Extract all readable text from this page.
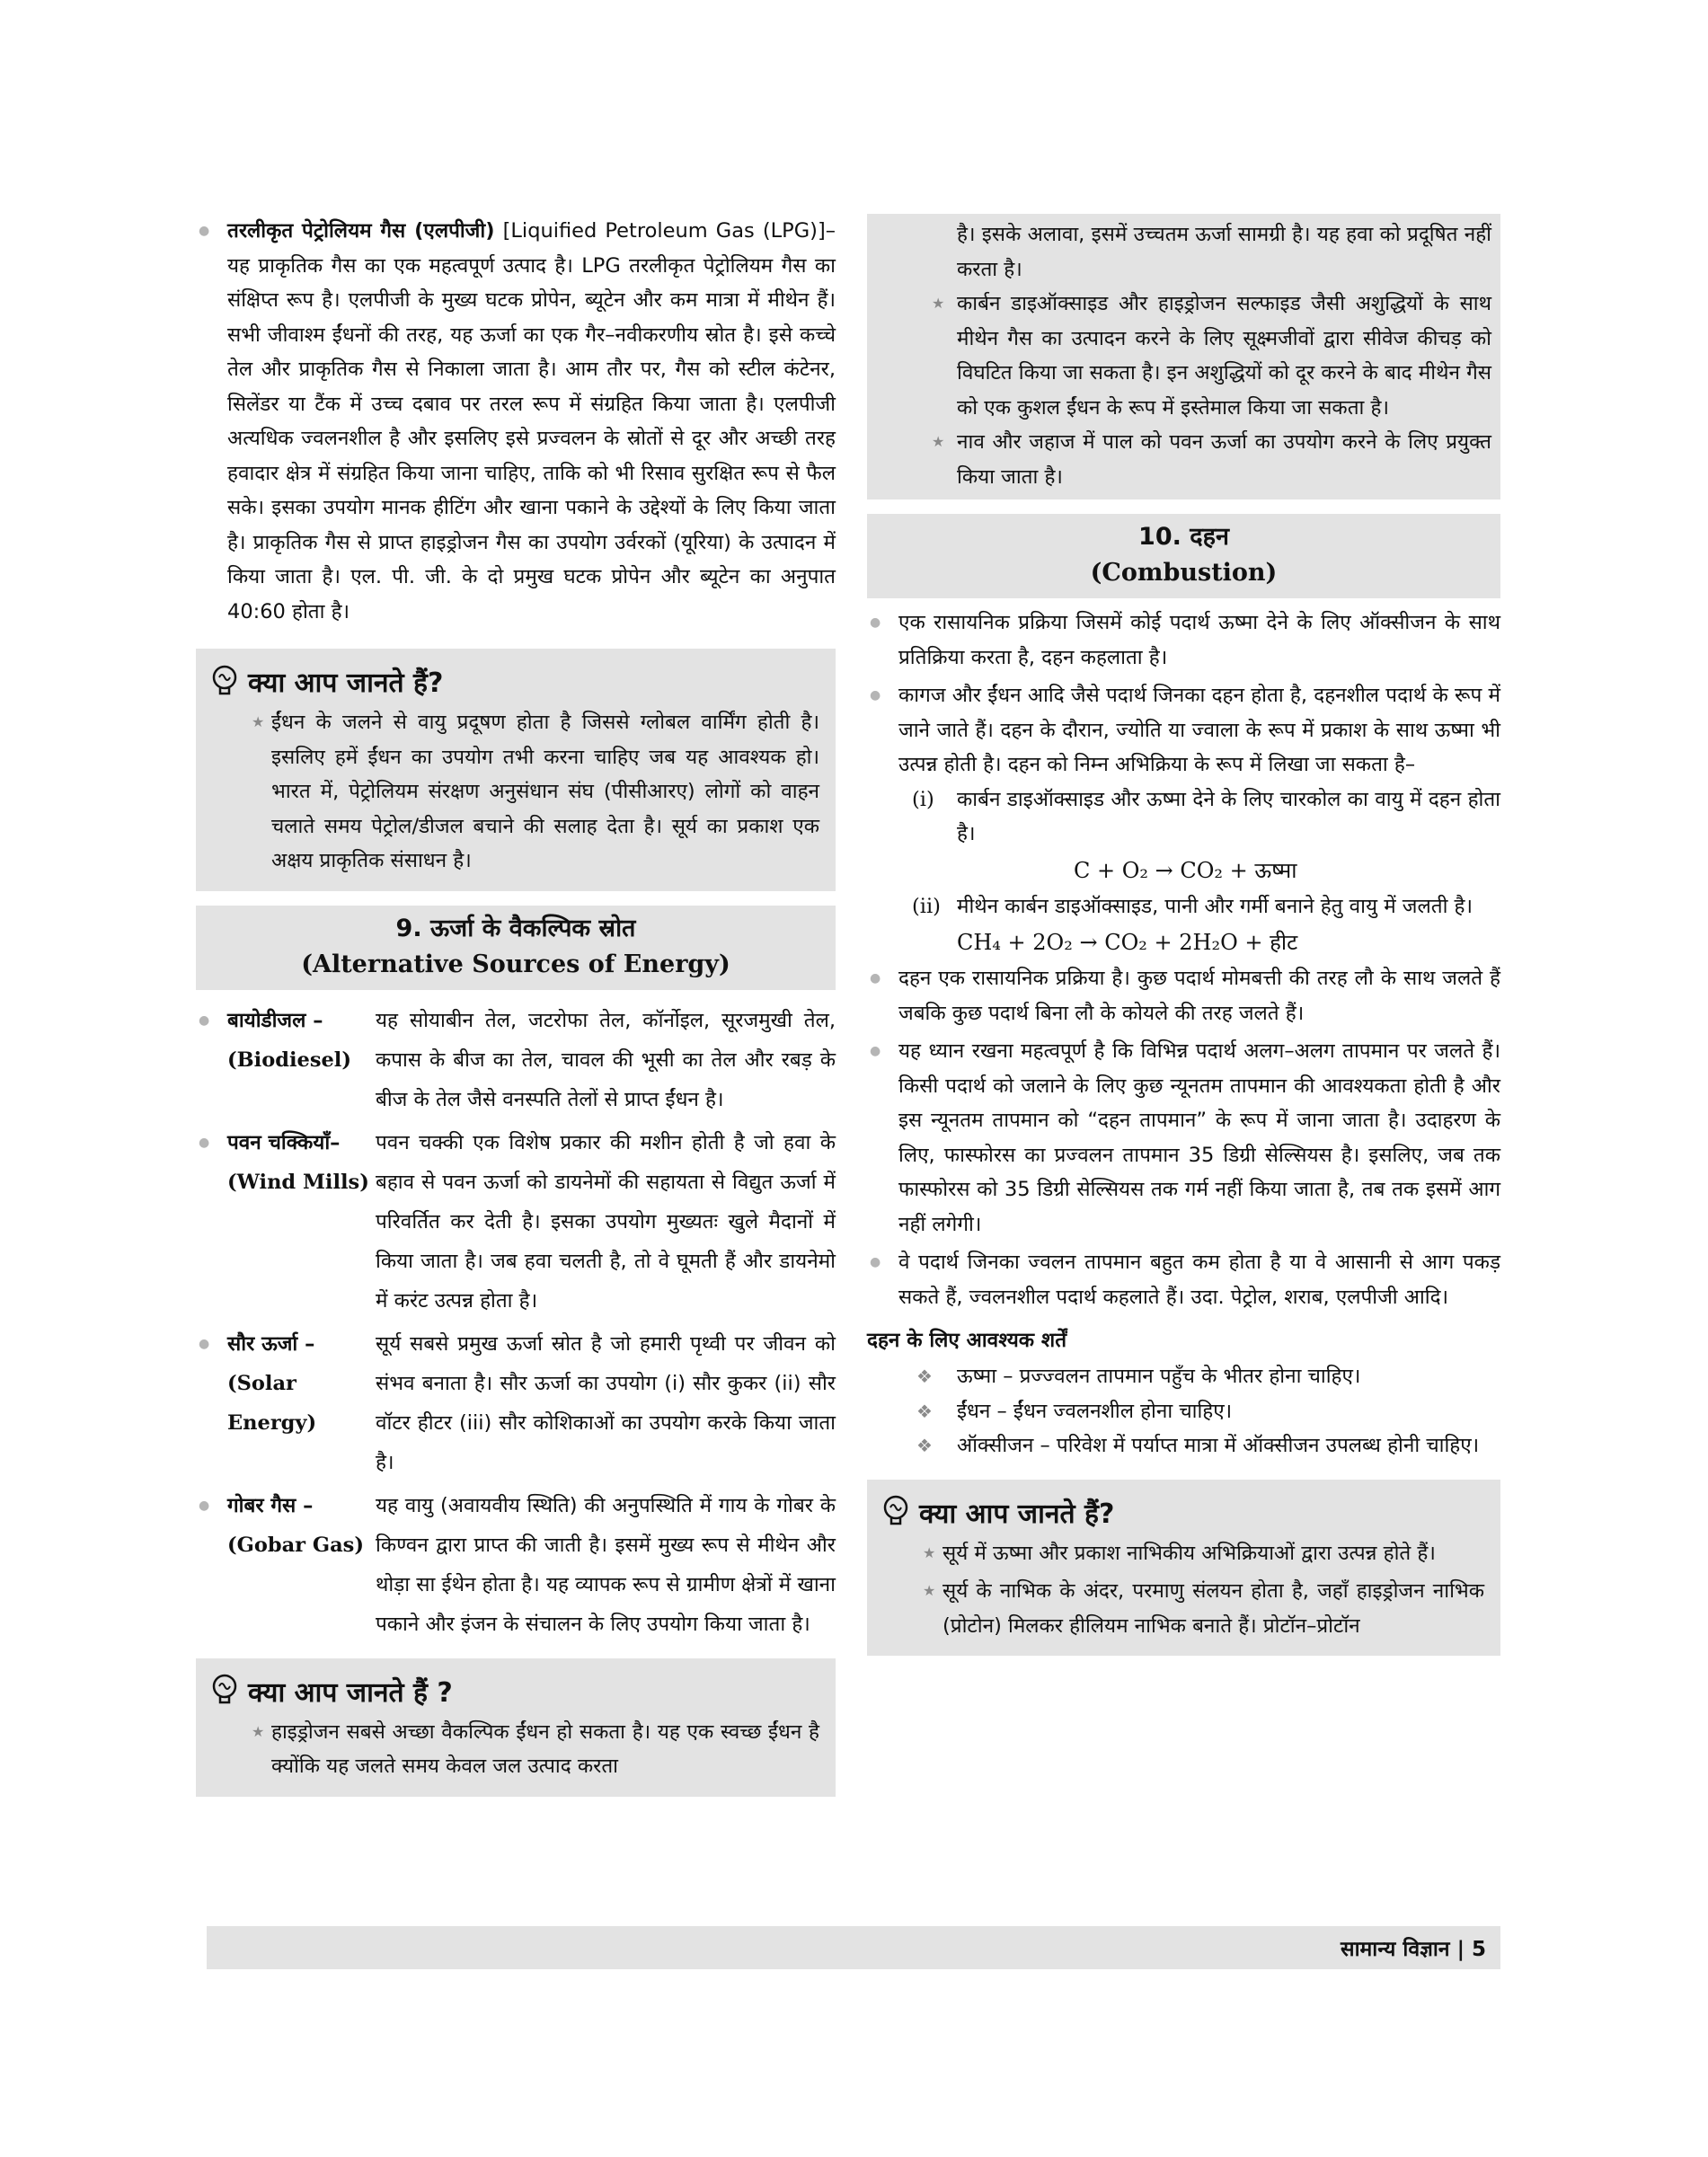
● तरलीकृत पेट्रोलियम गैस (एलपीजी) [Liquified Petroleum Gas (LPG)]– यह प्राकृतिक गैस का एक महत्वपूर्ण उत्पाद है। LPG तरलीकृत पेट्रोलियम गैस का संक्षिप्त रूप है। एलपीजी के मुख्य घटक प्रोपेन, ब्यूटेन और कम मात्रा में मीथेन हैं। सभी जीवाश्म ईंधनों की तरह, यह ऊर्जा का एक गैर–नवीकरणीय स्रोत है। इसे कच्चे तेल और प्राकृतिक गैस से निकाला जाता है। आम तौर पर, गैस को स्टील कंटेनर, सिलेंडर या टैंक में उच्च दबाव पर तरल रूप में संग्रहित किया जाता है। एलपीजी अत्यधिक ज्वलनशील है और इसलिए इसे प्रज्वलन के स्रोतों से दूर और अच्छी तरह हवादार क्षेत्र में संग्रहित किया जाना चाहिए, ताकि को भी रिसाव सुरक्षित रूप से फैल सके। इसका उपयोग मानक हीटिंग और खाना पकाने के उद्देश्यों के लिए किया जाता है। प्राकृतिक गैस से प्राप्त हाइड्रोजन गैस का उपयोग उर्वरकों (यूरिया) के उत्पादन में किया जाता है। एल. पी. जी. के दो प्रमुख घटक प्रोपेन और ब्यूटेन का अनुपात 40:60 होता है।
क्या आप जानते हैं?
★ ईंधन के जलने से वायु प्रदूषण होता है जिससे ग्लोबल वार्मिंग होती है। इसलिए हमें ईंधन का उपयोग तभी करना चाहिए जब यह आवश्यक हो। भारत में, पेट्रोलियम संरक्षण अनुसंधान संघ (पीसीआरए) लोगों को वाहन चलाते समय पेट्रोल/डीजल बचाने की सलाह देता है। सूर्य का प्रकाश एक अक्षय प्राकृतिक संसाधन है।
9. ऊर्जा के वैकल्पिक स्रोत
(Alternative Sources of Energy)
● बायोडीजल –
(Biodiesel)
यह सोयाबीन तेल, जटरोफा तेल, कॉर्नोइल, सूरजमुखी तेल, कपास के बीज का तेल, चावल की भूसी का तेल और रबड़ के बीज के तेल जैसे वनस्पति तेलों से प्राप्त ईंधन है।
● पवन चक्कियाँ–
(Wind Mills)
पवन चक्की एक विशेष प्रकार की मशीन होती है जो हवा के बहाव से पवन ऊर्जा को डायनेमों की सहायता से विद्युत ऊर्जा में परिवर्तित कर देती है। इसका उपयोग मुख्यतः खुले मैदानों में किया जाता है। जब हवा चलती है, तो वे घूमती हैं और डायनेमो में करंट उत्पन्न होता है।
● सौर ऊर्जा –
(Solar Energy)
सूर्य सबसे प्रमुख ऊर्जा स्रोत है जो हमारी पृथ्वी पर जीवन को संभव बनाता है। सौर ऊर्जा का उपयोग (i) सौर कुकर (ii) सौर वॉटर हीटर (iii) सौर कोशिकाओं का उपयोग करके किया जाता है।
● गोबर गैस –
(Gobar Gas)
यह वायु (अवायवीय स्थिति) की अनुपस्थिति में गाय के गोबर के किण्वन द्वारा प्राप्त की जाती है। इसमें मुख्य रूप से मीथेन और थोड़ा सा ईथेन होता है। यह व्यापक रूप से ग्रामीण क्षेत्रों में खाना पकाने और इंजन के संचालन के लिए उपयोग किया जाता है।
क्या आप जानते हैं ?
★ हाइड्रोजन सबसे अच्छा वैकल्पिक ईंधन हो सकता है। यह एक स्वच्छ ईंधन है क्योंकि यह जलते समय केवल जल उत्पाद करता
है। इसके अलावा, इसमें उच्चतम ऊर्जा सामग्री है। यह हवा को प्रदूषित नहीं करता है।
★ कार्बन डाइऑक्साइड और हाइड्रोजन सल्फाइड जैसी अशुद्धियों के साथ मीथेन गैस का उत्पादन करने के लिए सूक्ष्मजीवों द्वारा सीवेज कीचड़ को विघटित किया जा सकता है। इन अशुद्धियों को दूर करने के बाद मीथेन गैस को एक कुशल ईंधन के रूप में इस्तेमाल किया जा सकता है।
★ नाव और जहाज में पाल को पवन ऊर्जा का उपयोग करने के लिए प्रयुक्त किया जाता है।
10. दहन
(Combustion)
● एक रासायनिक प्रक्रिया जिसमें कोई पदार्थ ऊष्मा देने के लिए ऑक्सीजन के साथ प्रतिक्रिया करता है, दहन कहलाता है।
● कागज और ईंधन आदि जैसे पदार्थ जिनका दहन होता है, दहनशील पदार्थ के रूप में जाने जाते हैं। दहन के दौरान, ज्योति या ज्वाला के रूप में प्रकाश के साथ ऊष्मा भी उत्पन्न होती है। दहन को निम्न अभिक्रिया के रूप में लिखा जा सकता है–
(i) कार्बन डाइऑक्साइड और ऊष्मा देने के लिए चारकोल का वायु में दहन होता है।
C + O₂ → CO₂ + ऊष्मा
(ii) मीथेन कार्बन डाइऑक्साइड, पानी और गर्मी बनाने हेतु वायु में जलती है।
CH₄ + 2O₂ → CO₂ + 2H₂O + हीट
● दहन एक रासायनिक प्रक्रिया है। कुछ पदार्थ मोमबत्ती की तरह लौ के साथ जलते हैं जबकि कुछ पदार्थ बिना लौ के कोयले की तरह जलते हैं।
● यह ध्यान रखना महत्वपूर्ण है कि विभिन्न पदार्थ अलग–अलग तापमान पर जलते हैं। किसी पदार्थ को जलाने के लिए कुछ न्यूनतम तापमान की आवश्यकता होती है और इस न्यूनतम तापमान को “दहन तापमान” के रूप में जाना जाता है। उदाहरण के लिए, फास्फोरस का प्रज्वलन तापमान 35 डिग्री सेल्सियस है। इसलिए, जब तक फास्फोरस को 35 डिग्री सेल्सियस तक गर्म नहीं किया जाता है, तब तक इसमें आग नहीं लगेगी।
● वे पदार्थ जिनका ज्वलन तापमान बहुत कम होता है या वे आसानी से आग पकड़ सकते हैं, ज्वलनशील पदार्थ कहलाते हैं। उदा. पेट्रोल, शराब, एलपीजी आदि।
दहन के लिए आवश्यक शर्तें
❖ ऊष्मा – प्रज्ज्वलन तापमान पहुँच के भीतर होना चाहिए।
❖ ईंधन – ईंधन ज्वलनशील होना चाहिए।
❖ ऑक्सीजन – परिवेश में पर्याप्त मात्रा में ऑक्सीजन उपलब्ध होनी चाहिए।
क्या आप जानते हैं?
★ सूर्य में ऊष्मा और प्रकाश नाभिकीय अभिक्रियाओं द्वारा उत्पन्न होते हैं।
★ सूर्य के नाभिक के अंदर, परमाणु संलयन होता है, जहाँ हाइड्रोजन नाभिक (प्रोटोन) मिलकर हीलियम नाभिक बनाते हैं। प्रोटॉन–प्रोटॉन
सामान्य विज्ञान | 5
